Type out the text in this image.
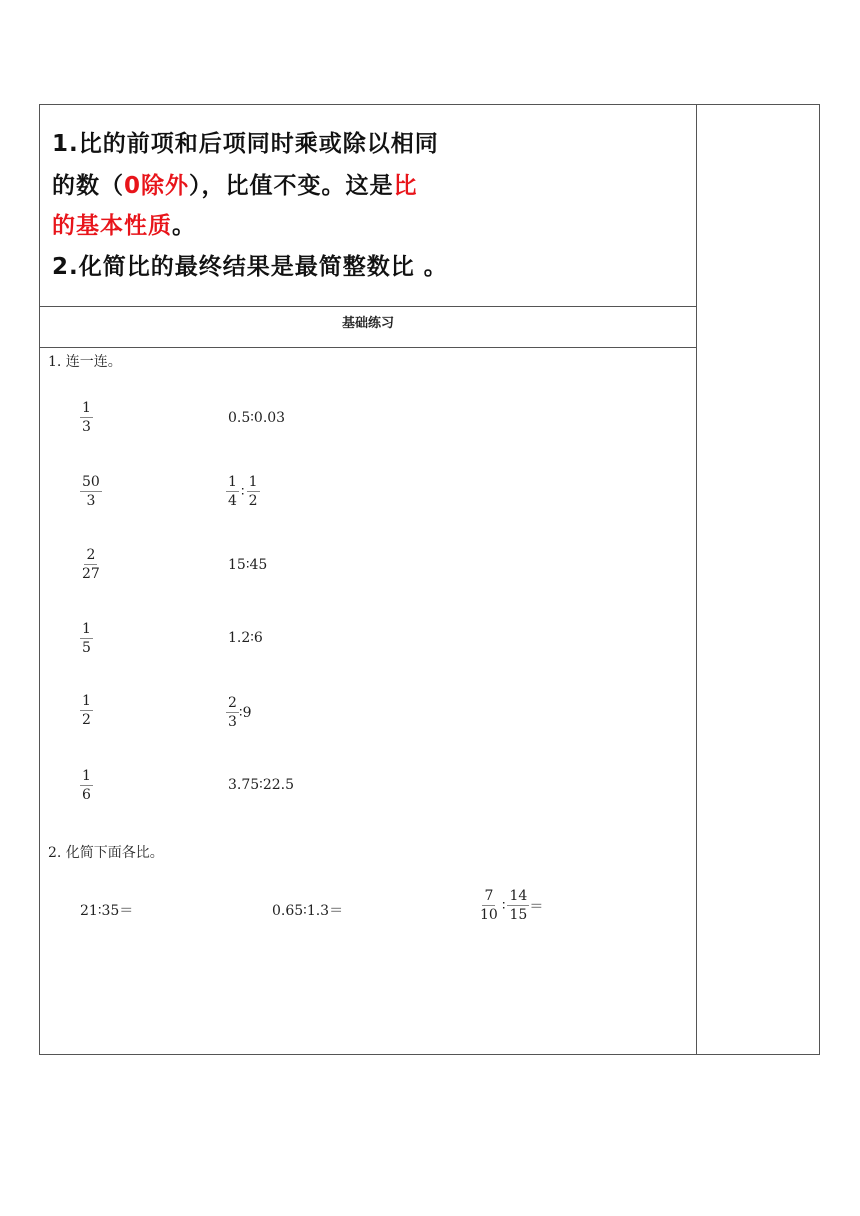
1.比的前项和后项同时乘或除以相同
的数（0除外），比值不变。这是比
的基本性质。
2.化简比的最终结果是最简整数比 。
基础练习
1. 连一连。
$\frac{1}{3}$
$\frac{50}{3}$
$\frac{2}{27}$
$\frac{1}{5}$
$\frac{1}{2}$
$\frac{1}{6}$
0.5∶0.03
$\frac{1}{4}$ ∶ $\frac{1}{2}$
15∶45
1.2∶6
$\frac{2}{3}$ ∶9
3.75∶22.5
2. 化简下面各比。
21∶35＝	0.65∶1.3＝	$\frac{7}{10}$ ∶ $\frac{14}{15}$ ＝
